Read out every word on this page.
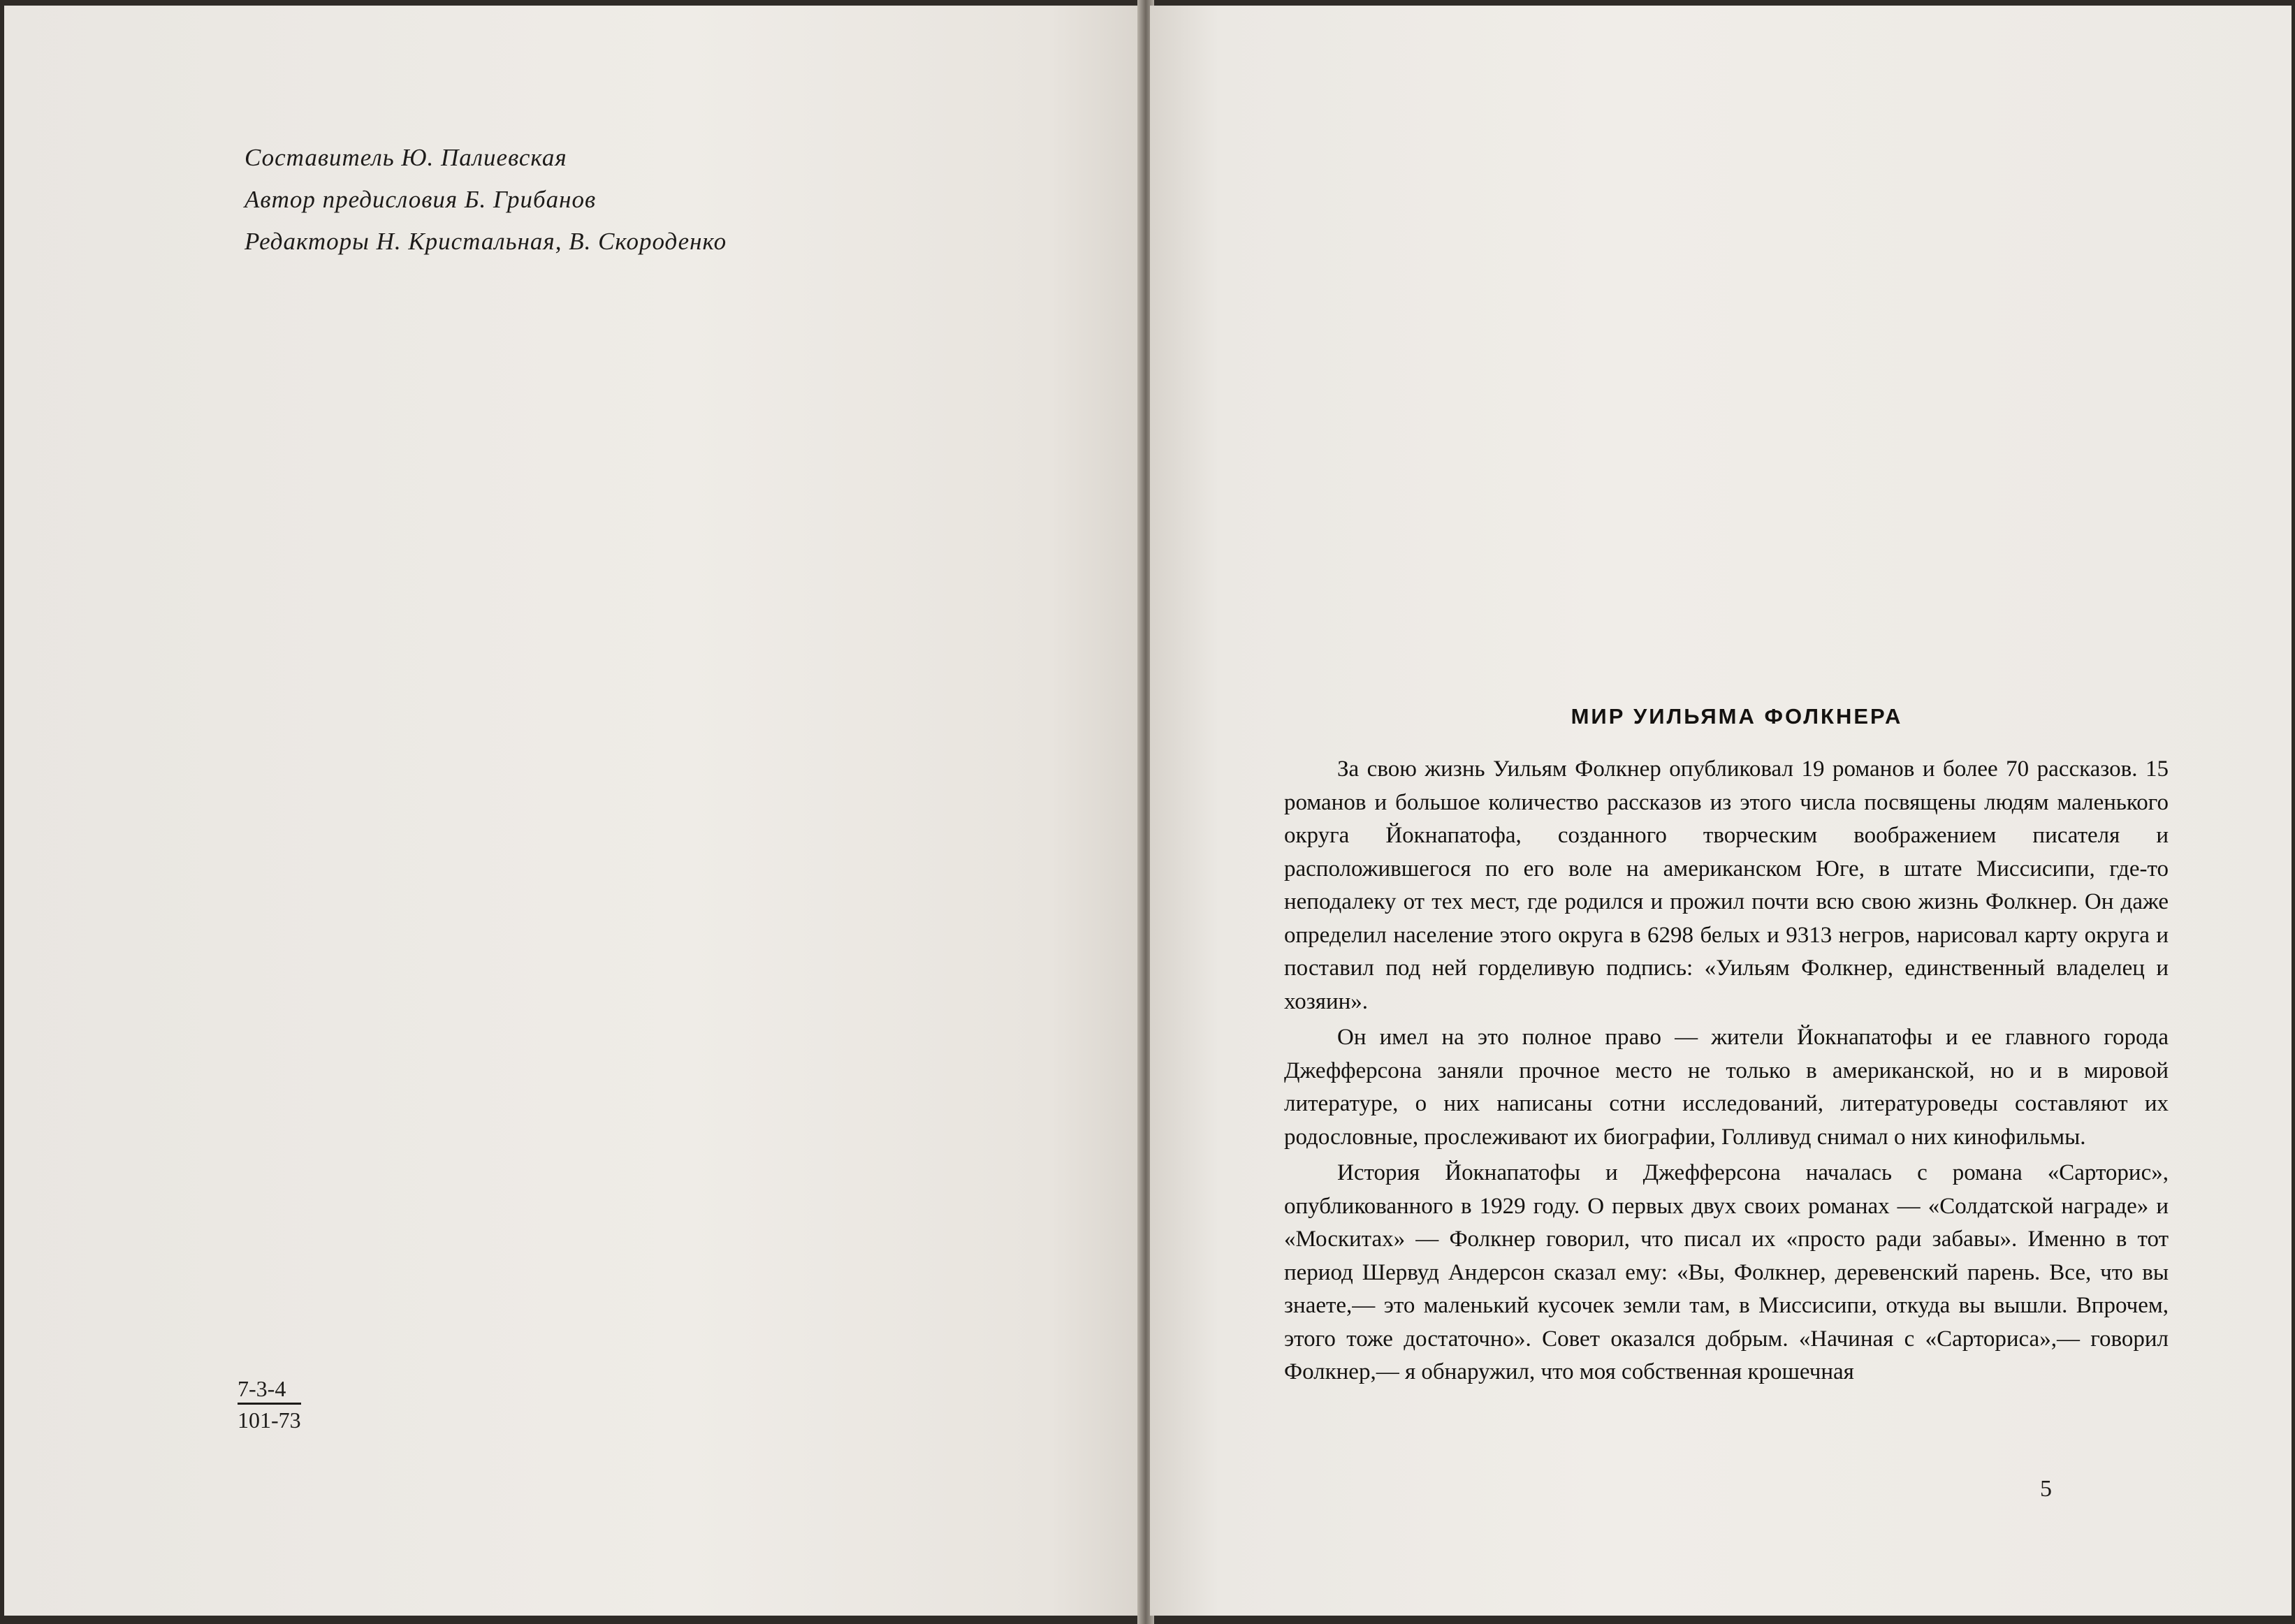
Составитель Ю. Палиевская
Автор предисловия Б. Грибанов
Редакторы Н. Кристальная, В. Скороденко
$\frac{7-3-4}{101-73}$
МИР УИЛЬЯМА ФОЛКНЕРА

За свою жизнь Уильям Фолкнер опубликовал 19 романов и более 70 рассказов. 15 романов и большое количество рассказов из этого числа посвящены людям маленького округа Йокнапатофа, созданного творческим воображением писателя и расположившегося по его воле на американском Юге, в штате Миссисипи, где-то неподалеку от тех мест, где родился и прожил почти всю свою жизнь Фолкнер. Он даже определил население этого округа в 6298 белых и 9313 негров, нарисовал карту округа и поставил под ней горделивую подпись: «Уильям Фолкнер, единственный владелец и хозяин».

Он имел на это полное право — жители Йокнапатофы и ее главного города Джефферсона заняли прочное место не только в американской, но и в мировой литературе, о них написаны сотни исследований, литературоведы составляют их родословные, прослеживают их биографии, Голливуд снимал о них кинофильмы.

История Йокнапатофы и Джефферсона началась с романа «Сарторис», опубликованного в 1929 году. О первых двух своих романах — «Солдатской награде» и «Москитах» — Фолкнер говорил, что писал их «просто ради забавы». Именно в тот период Шервуд Андерсон сказал ему: «Вы, Фолкнер, деревенский парень. Все, что вы знаете,— это маленький кусочек земли там, в Миссисипи, откуда вы вышли. Впрочем, этого тоже достаточно». Совет оказался добрым. «Начиная с «Сарториса»,— говорил Фолкнер,— я обнаружил, что моя собственная крошечная

5
